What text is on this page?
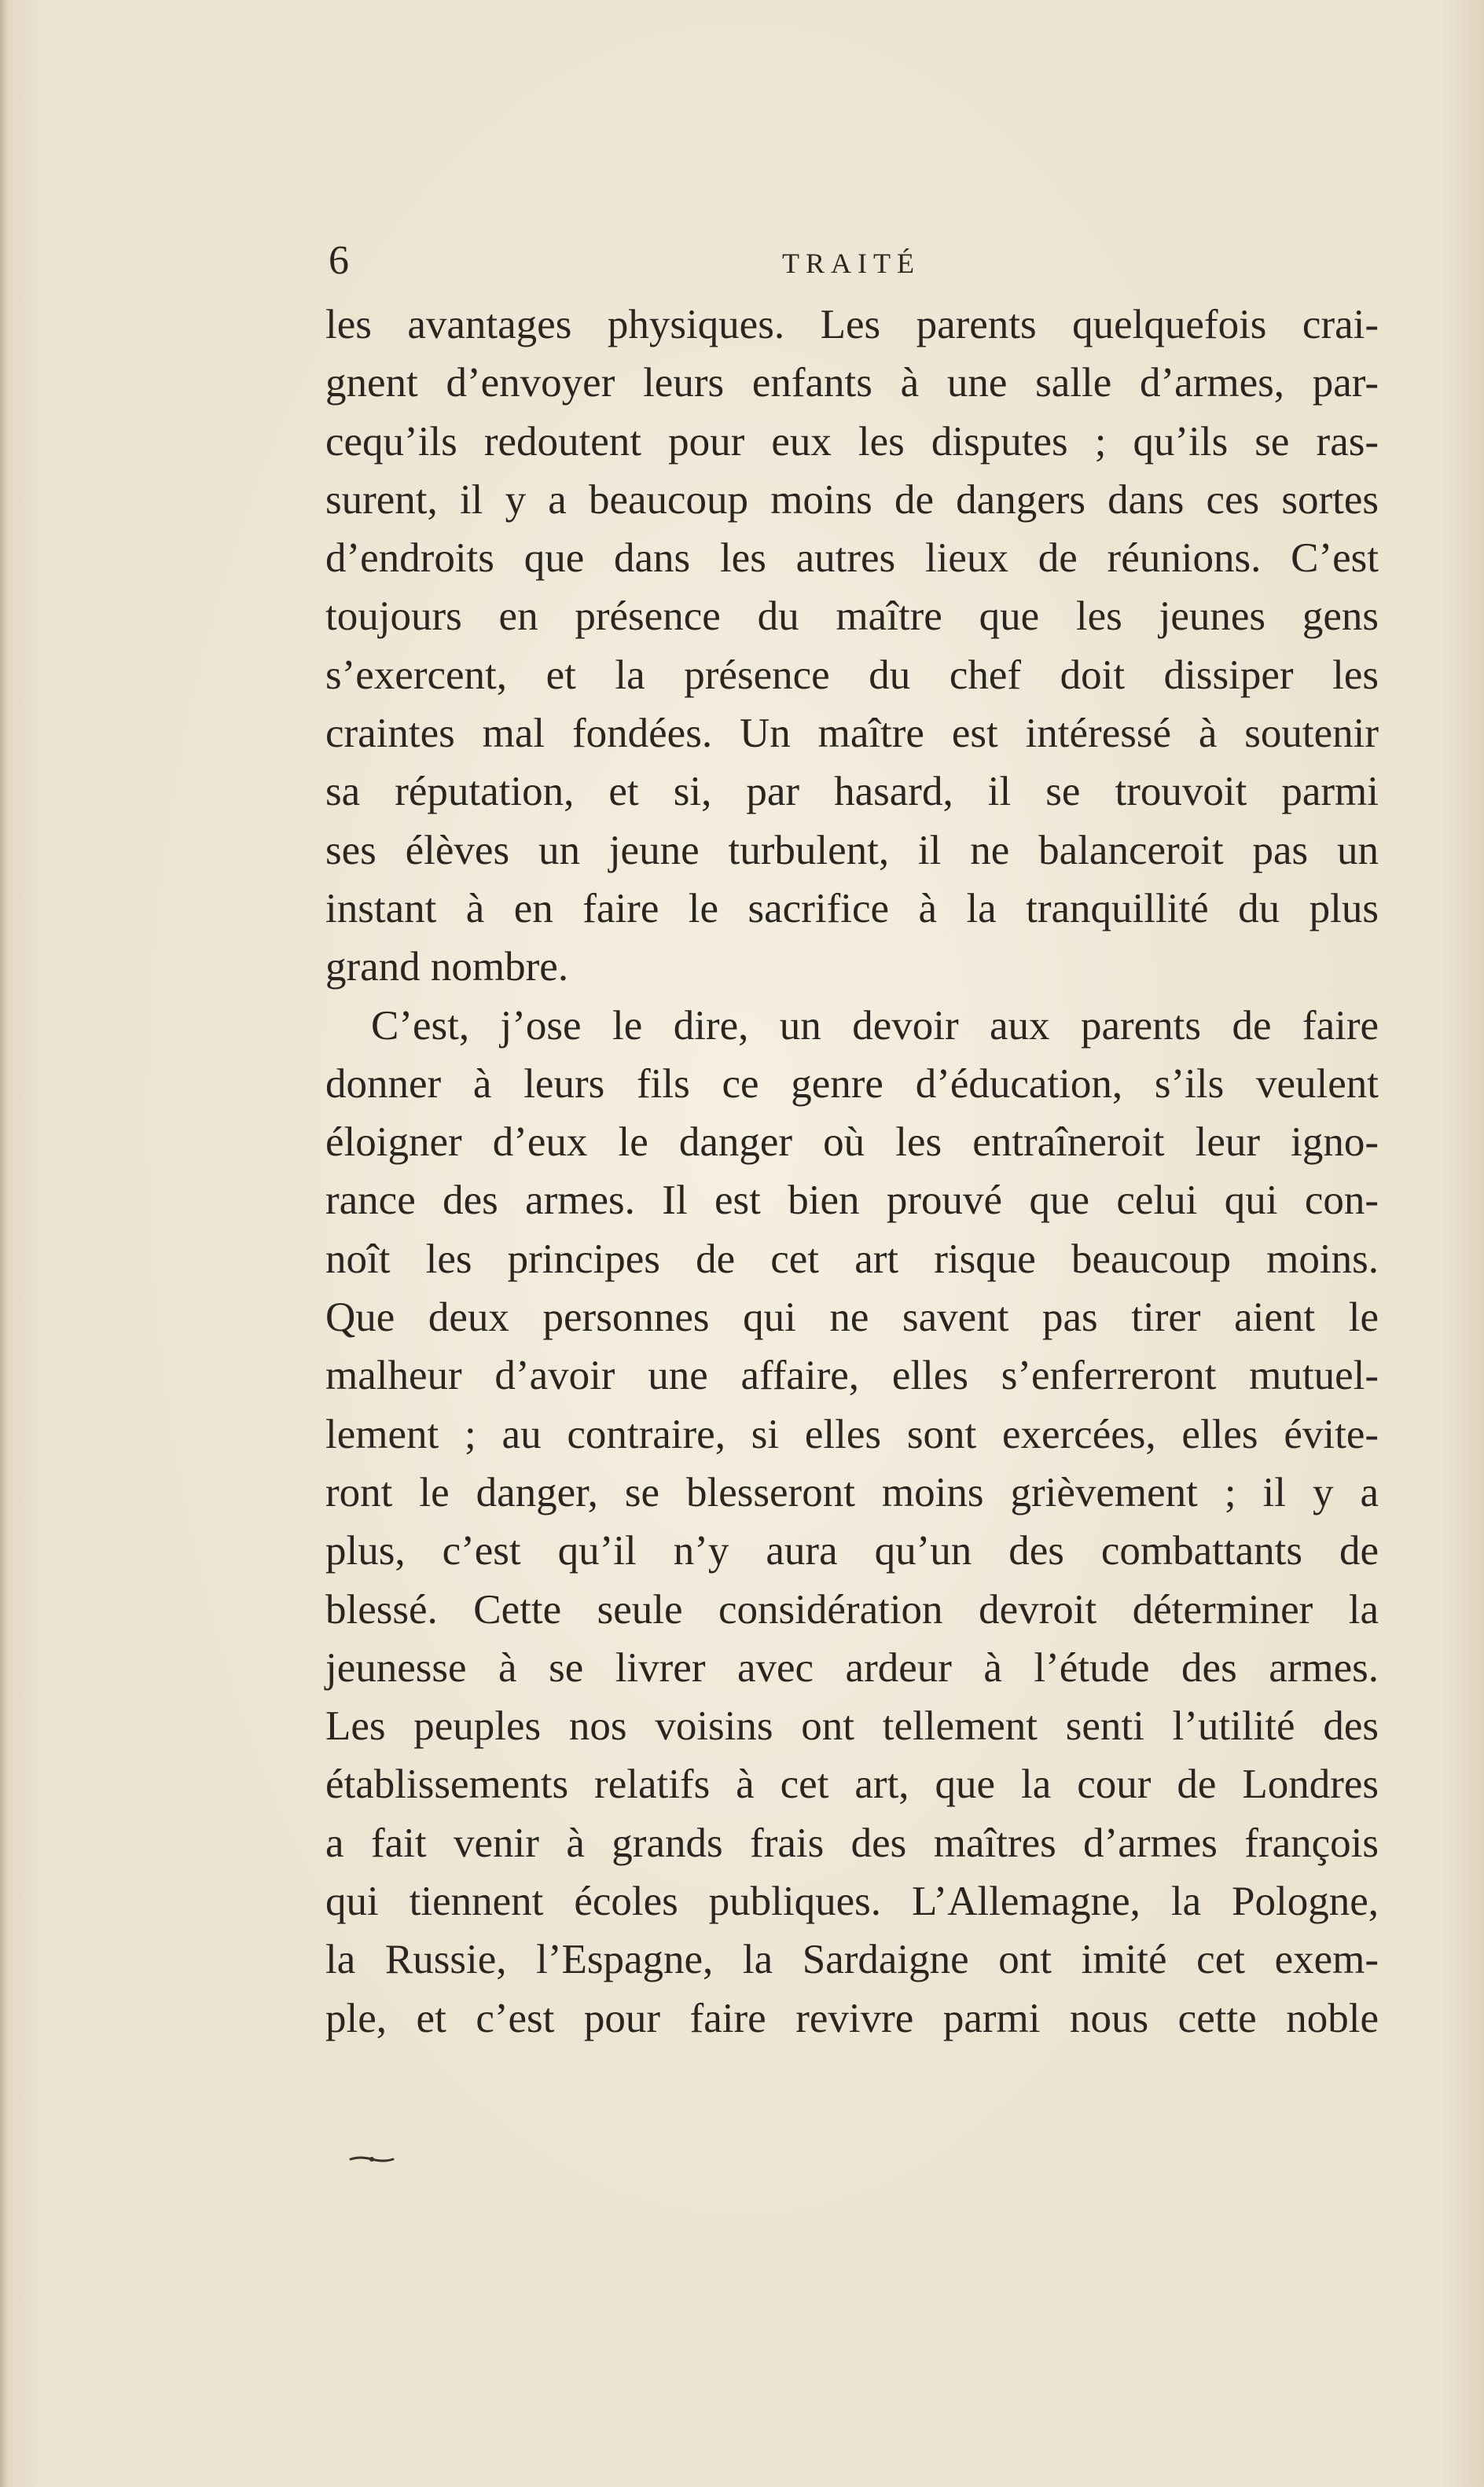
6	TRAITÉ
les avantages physiques. Les parents quelquefois crai-
gnent d’envoyer leurs enfants à une salle d’armes, par-
cequ’ils redoutent pour eux les disputes ; qu’ils se ras-
surent, il y a beaucoup moins de dangers dans ces sortes
d’endroits que dans les autres lieux de réunions. C’est
toujours en présence du maître que les jeunes gens
s’exercent, et la présence du chef doit dissiper les
craintes mal fondées. Un maître est intéressé à soutenir
sa réputation, et si, par hasard, il se trouvoit parmi
ses élèves un jeune turbulent, il ne balanceroit pas un
instant à en faire le sacrifice à la tranquillité du plus
grand nombre.
C’est, j’ose le dire, un devoir aux parents de faire
donner à leurs fils ce genre d’éducation, s’ils veulent
éloigner d’eux le danger où les entraîneroit leur igno-
rance des armes. Il est bien prouvé que celui qui con-
noît les principes de cet art risque beaucoup moins.
Que deux personnes qui ne savent pas tirer aient le
malheur d’avoir une affaire, elles s’enferreront mutuel-
lement ; au contraire, si elles sont exercées, elles évite-
ront le danger, se blesseront moins grièvement ; il y a
plus, c’est qu’il n’y aura qu’un des combattants de
blessé. Cette seule considération devroit déterminer la
jeunesse à se livrer avec ardeur à l’étude des armes.
Les peuples nos voisins ont tellement senti l’utilité des
établissements relatifs à cet art, que la cour de Londres
a fait venir à grands frais des maîtres d’armes françois
qui tiennent écoles publiques. L’Allemagne, la Pologne,
la Russie, l’Espagne, la Sardaigne ont imité cet exem-
ple, et c’est pour faire revivre parmi nous cette noble
